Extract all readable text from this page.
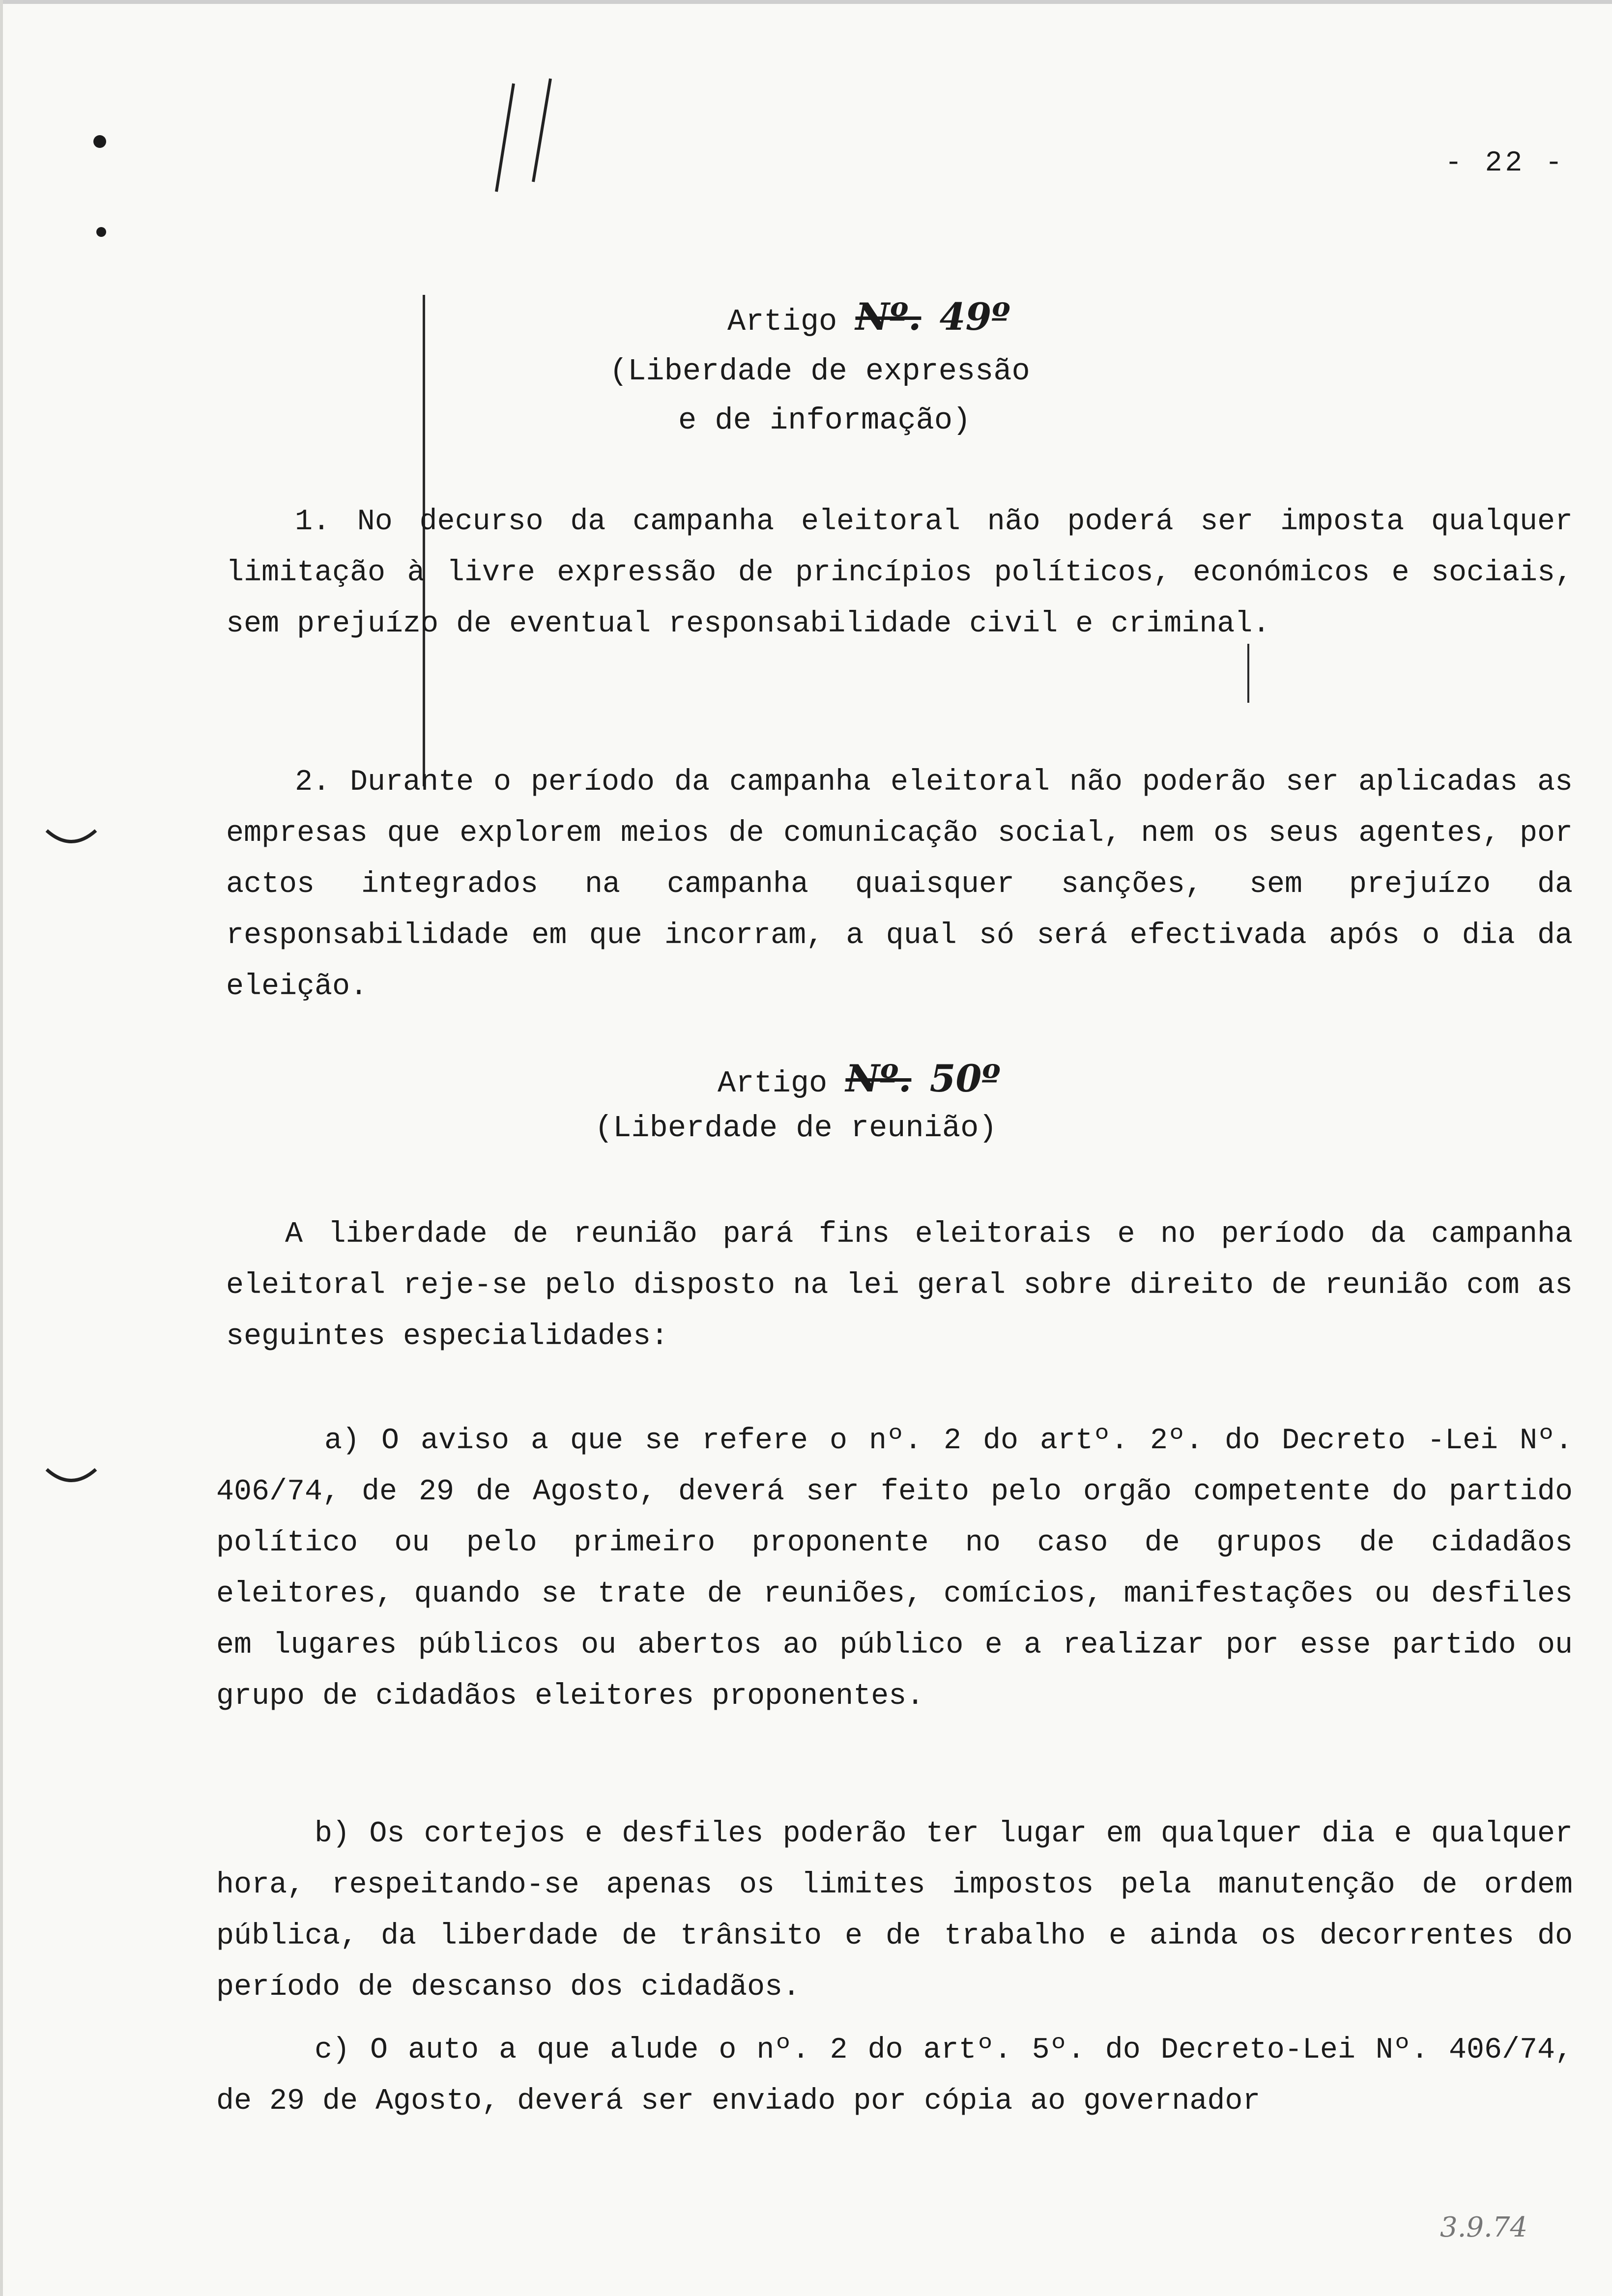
- 22 -
Artigo Nº. 49º
(Liberdade de expressão
e de informação)

1. No decurso da campanha eleitoral não poderá ser imposta qualquer limitação à livre expressão de princípios políticos, económicos e sociais, sem prejuízo de eventual responsabilidade civil e criminal.

2. Durante o período da campanha eleitoral não poderão ser aplicadas as empresas que explorem meios de comunicação social, nem os seus agentes, por actos integrados na campanha quaisquer sanções, sem prejuízo da responsabilidade em que incorram, a qual só será efectivada após o dia da eleição.

Artigo Nº. 50º
(Liberdade de reunião)

A liberdade de reunião pará fins eleitorais e no período da campanha eleitoral reje-se pelo disposto na lei geral sobre direito de reunião com as seguintes especialidades:

a) O aviso a que se refere o nº. 2 do artº. 2º. do Decreto -Lei Nº. 406/74, de 29 de Agosto, deverá ser feito pelo orgão competente do partido político ou pelo primeiro proponente no caso de grupos de cidadãos eleitores, quando se trate de reuniões, comícios, manifestações ou desfiles em lugares públicos ou abertos ao público e a realizar por esse partido ou grupo de cidadãos eleitores proponentes.

b) Os cortejos e desfiles poderão ter lugar em qualquer dia e qualquer hora, respeitando-se apenas os limites impostos pela manutenção de ordem pública, da liberdade de trânsito e de trabalho e ainda os decorrentes do período de descanso dos cidadãos.

c) O auto a que alude o nº. 2 do artº. 5º. do Decreto-Lei Nº. 406/74, de 29 de Agosto, deverá ser enviado por cópia ao governador

3.9.74
